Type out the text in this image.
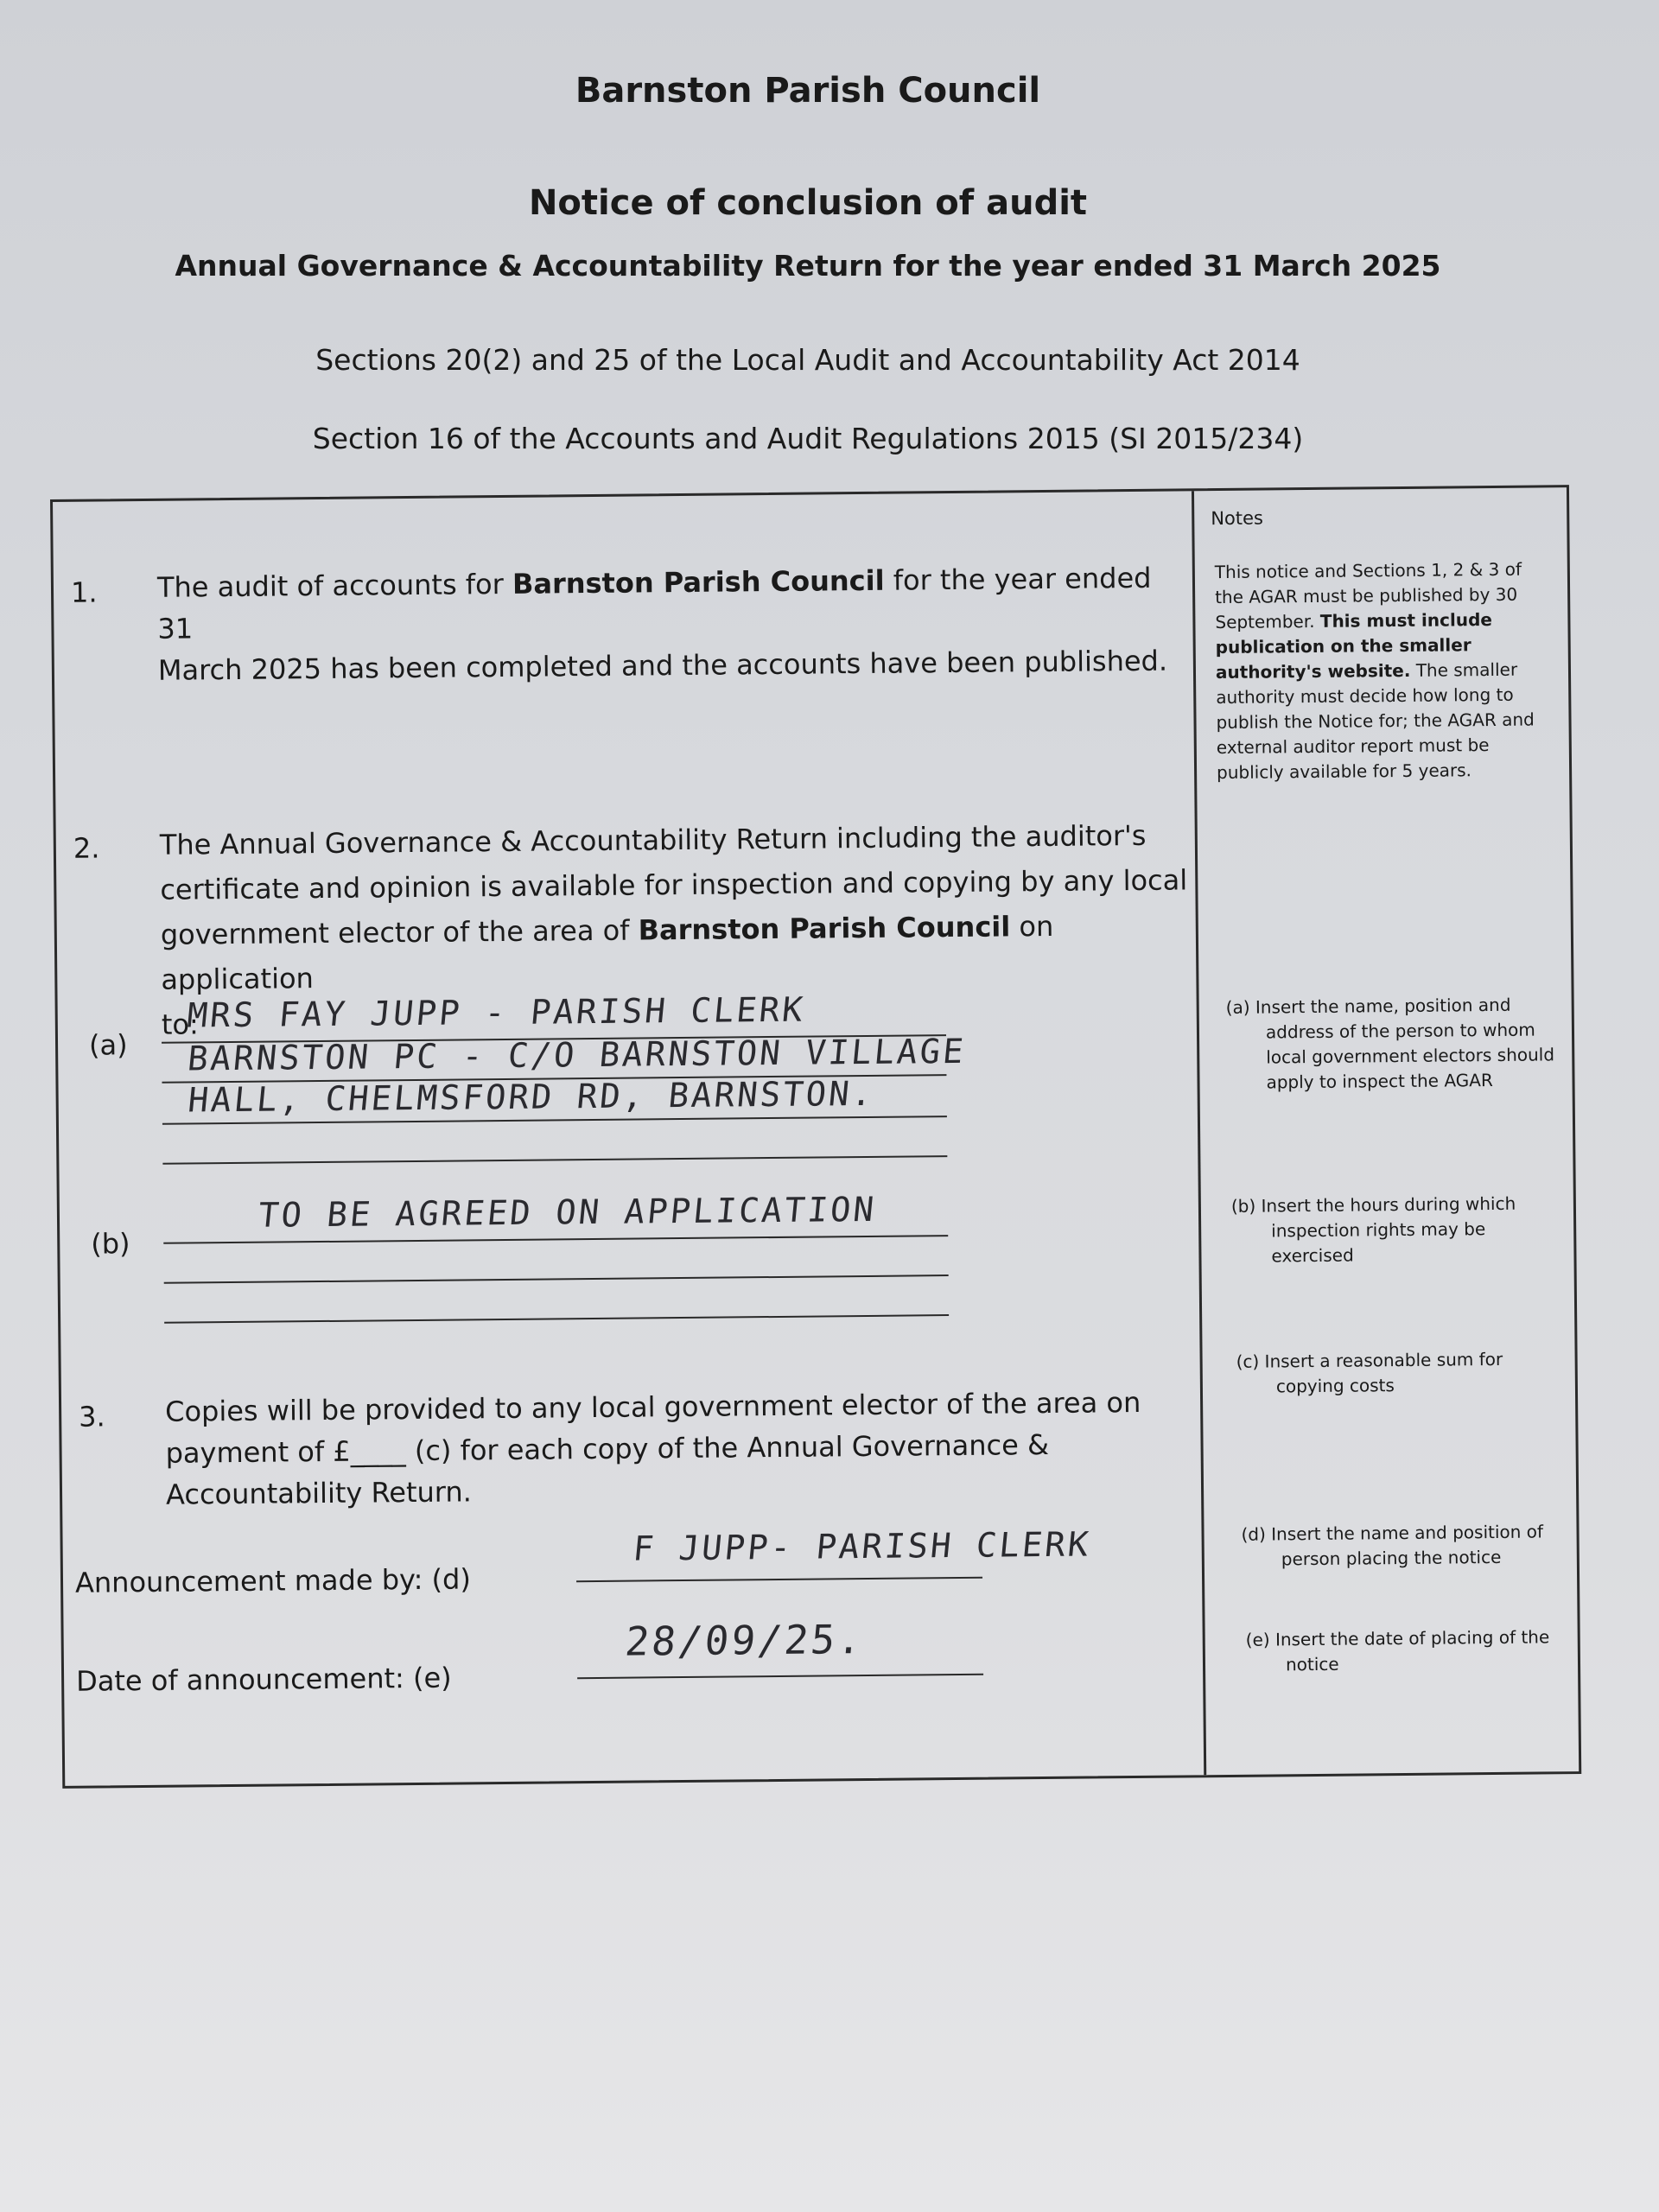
Barnston Parish Council
Notice of conclusion of audit
Annual Governance & Accountability Return for the year ended 31 March 2025
Sections 20(2) and 25 of the Local Audit and Accountability Act 2014
Section 16 of the Accounts and Audit Regulations 2015 (SI 2015/234)
Notes
This notice and Sections 1, 2 & 3 of
the AGAR must be published by 30
September. This must include
publication on the smaller
authority's website. The smaller
authority must decide how long to
publish the Notice for; the AGAR and
external auditor report must be
publicly available for 5 years.
(a) Insert the name, position and
address of the person to whom
local government electors should
apply to inspect the AGAR
(b) Insert the hours during which
inspection rights may be
exercised
(c) Insert a reasonable sum for
copying costs
(d) Insert the name and position of
person placing the notice
(e) Insert the date of placing of the
notice
1. The audit of accounts for Barnston Parish Council for the year ended 31
March 2025 has been completed and the accounts have been published.
2. The Annual Governance & Accountability Return including the auditor's
certificate and opinion is available for inspection and copying by any local
government elector of the area of Barnston Parish Council on application
to:
(a)
MRS FAY JUPP - PARISH CLERK
BARNSTON PC - C/O BARNSTON VILLAGE
HALL, CHELMSFORD RD, BARNSTON.
(b)
TO BE AGREED ON APPLICATION
3. Copies will be provided to any local government elector of the area on
payment of £____ (c) for each copy of the Annual Governance &
Accountability Return.
Announcement made by: (d)
F JUPP- PARISH CLERK
Date of announcement: (e)
28/09/25.
